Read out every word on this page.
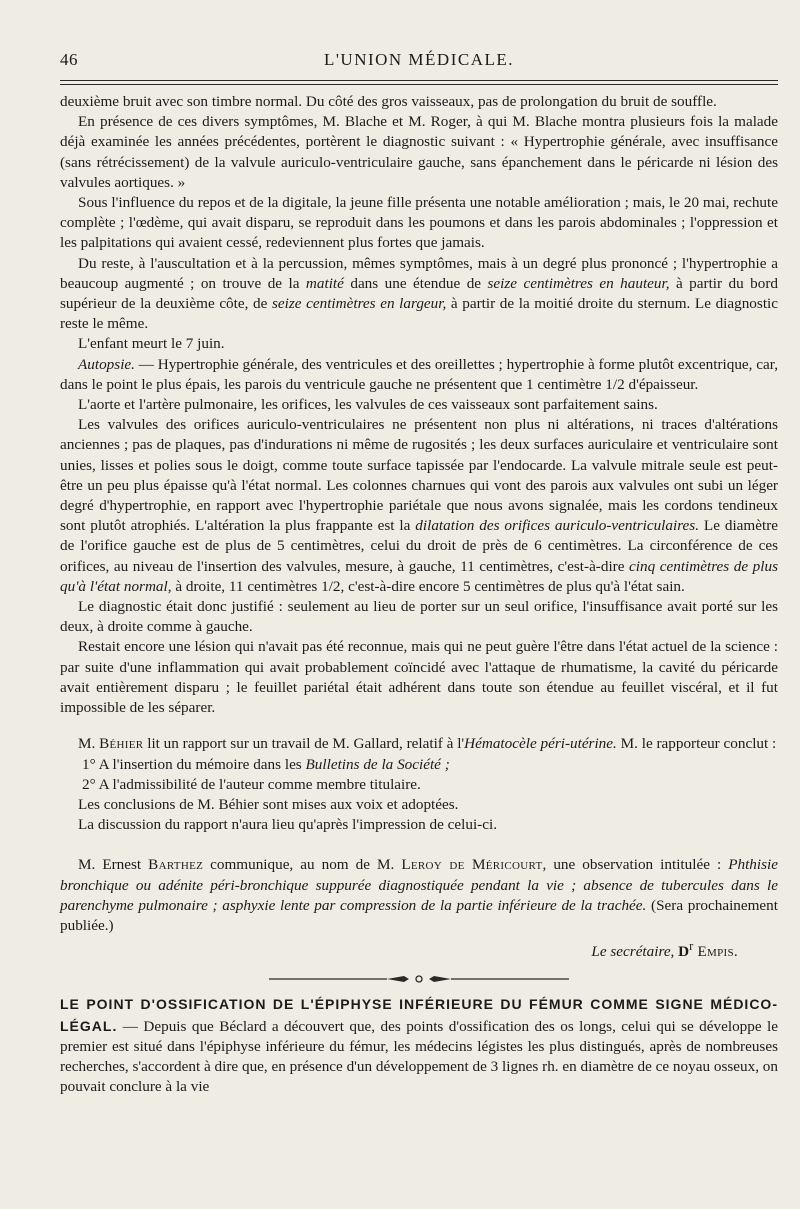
46	L'UNION MÉDICALE.

deuxième bruit avec son timbre normal. Du côté des gros vaisseaux, pas de prolongation du bruit de souffle.

En présence de ces divers symptômes, M. Blache et M. Roger, à qui M. Blache montra plusieurs fois la malade déjà examinée les années précédentes, portèrent le diagnostic suivant : « Hypertrophie générale, avec insuffisance (sans rétrécissement) de la valvule auriculo-ventriculaire gauche, sans épanchement dans le péricarde ni lésion des valvules aortiques. »

Sous l'influence du repos et de la digitale, la jeune fille présenta une notable amélioration ; mais, le 20 mai, rechute complète ; l'œdème, qui avait disparu, se reproduit dans les poumons et dans les parois abdominales ; l'oppression et les palpitations qui avaient cessé, redeviennent plus fortes que jamais.

Du reste, à l'auscultation et à la percussion, mêmes symptômes, mais à un degré plus prononcé ; l'hypertrophie a beaucoup augmenté ; on trouve de la matité dans une étendue de seize centimètres en hauteur, à partir du bord supérieur de la deuxième côte, de seize centimètres en largeur, à partir de la moitié droite du sternum. Le diagnostic reste le même.

L'enfant meurt le 7 juin.

Autopsie. — Hypertrophie générale, des ventricules et des oreillettes ; hypertrophie à forme plutôt excentrique, car, dans le point le plus épais, les parois du ventricule gauche ne présentent que 1 centimètre 1/2 d'épaisseur.

L'aorte et l'artère pulmonaire, les orifices, les valvules de ces vaisseaux sont parfaitement sains.

Les valvules des orifices auriculo-ventriculaires ne présentent non plus ni altérations, ni traces d'altérations anciennes ; pas de plaques, pas d'indurations ni même de rugosités ; les deux surfaces auriculaire et ventriculaire sont unies, lisses et polies sous le doigt, comme toute surface tapissée par l'endocarde. La valvule mitrale seule est peut-être un peu plus épaisse qu'à l'état normal. Les colonnes charnues qui vont des parois aux valvules ont subi un léger degré d'hypertrophie, en rapport avec l'hypertrophie pariétale que nous avons signalée, mais les cordons tendineux sont plutôt atrophiés. L'altération la plus frappante est la dilatation des orifices auriculo-ventriculaires. Le diamètre de l'orifice gauche est de plus de 5 centimètres, celui du droit de près de 6 centimètres. La circonférence de ces orifices, au niveau de l'insertion des valvules, mesure, à gauche, 11 centimètres, c'est-à-dire cinq centimètres de plus qu'à l'état normal, à droite, 11 centimètres 1/2, c'est-à-dire encore 5 centimètres de plus qu'à l'état sain.

Le diagnostic était donc justifié : seulement au lieu de porter sur un seul orifice, l'insuffisance avait porté sur les deux, à droite comme à gauche.

Restait encore une lésion qui n'avait pas été reconnue, mais qui ne peut guère l'être dans l'état actuel de la science : par suite d'une inflammation qui avait probablement coïncidé avec l'attaque de rhumatisme, la cavité du péricarde avait entièrement disparu ; le feuillet pariétal était adhérent dans toute son étendue au feuillet viscéral, et il fut impossible de les séparer.

M. Béhier lit un rapport sur un travail de M. Gallard, relatif à l'Hématocèle péri-utérine. M. le rapporteur conclut :

1° A l'insertion du mémoire dans les Bulletins de la Société ;

2° A l'admissibilité de l'auteur comme membre titulaire.

Les conclusions de M. Béhier sont mises aux voix et adoptées.

La discussion du rapport n'aura lieu qu'après l'impression de celui-ci.

M. Ernest Barthez communique, au nom de M. Leroy de Méricourt, une observation intitulée : Phthisie bronchique ou adénite péri-bronchique suppurée diagnostiquée pendant la vie ; absence de tubercules dans le parenchyme pulmonaire ; asphyxie lente par compression de la partie inférieure de la trachée. (Sera prochainement publiée.)

Le secrétaire, $D^r$ Empis.

LE POINT D'OSSIFICATION DE L'ÉPIPHYSE INFÉRIEURE DU FÉMUR COMME SIGNE MÉDICO-LÉGAL. — Depuis que Béclard a découvert que, des points d'ossification des os longs, celui qui se développe le premier est situé dans l'épiphyse inférieure du fémur, les médecins légistes les plus distingués, après de nombreuses recherches, s'accordent à dire que, en présence d'un développement de 3 lignes rh. en diamètre de ce noyau osseux, on pouvait conclure à la vie
